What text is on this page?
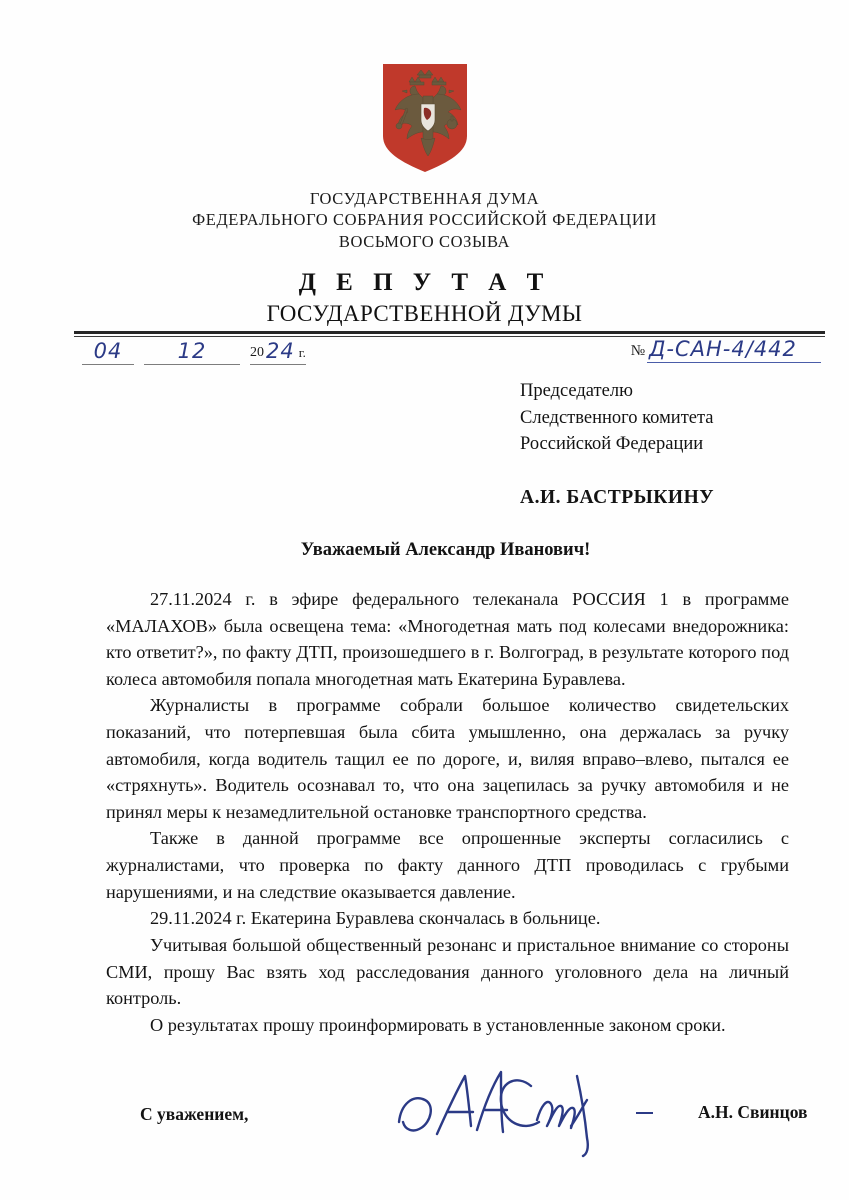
ГОСУДАРСТВЕННАЯ ДУМА
ФЕДЕРАЛЬНОГО СОБРАНИЯ РОССИЙСКОЙ ФЕДЕРАЦИИ
ВОСЬМОГО СОЗЫВА
Д Е П У Т А Т
ГОСУДАРСТВЕННОЙ ДУМЫ
04	12	20 24 г.	№ Д-САН-4/442
Председателю
Следственного комитета
Российской Федерации
А.И. БАСТРЫКИНУ
Уважаемый Александр Иванович!

27.11.2024 г. в эфире федерального телеканала РОССИЯ 1 в программе «МАЛАХОВ» была освещена тема: «Многодетная мать под колесами внедорожника: кто ответит?», по факту ДТП, произошедшего в г. Волгоград, в результате которого под колеса автомобиля попала многодетная мать Екатерина Буравлева.

Журналисты в программе собрали большое количество свидетельских показаний, что потерпевшая была сбита умышленно, она держалась за ручку автомобиля, когда водитель тащил ее по дороге, и, виляя вправо–влево, пытался ее «стряхнуть». Водитель осознавал то, что она зацепилась за ручку автомобиля и не принял меры к незамедлительной остановке транспортного средства.

Также в данной программе все опрошенные эксперты согласились с журналистами, что проверка по факту данного ДТП проводилась с грубыми нарушениями, и на следствие оказывается давление.

29.11.2024 г. Екатерина Буравлева скончалась в больнице.

Учитывая большой общественный резонанс и пристальное внимание со стороны СМИ, прошу Вас взять ход расследования данного уголовного дела на личный контроль.

О результатах прошу проинформировать в установленные законом сроки.

С уважением,	А.Н. Свинцов
